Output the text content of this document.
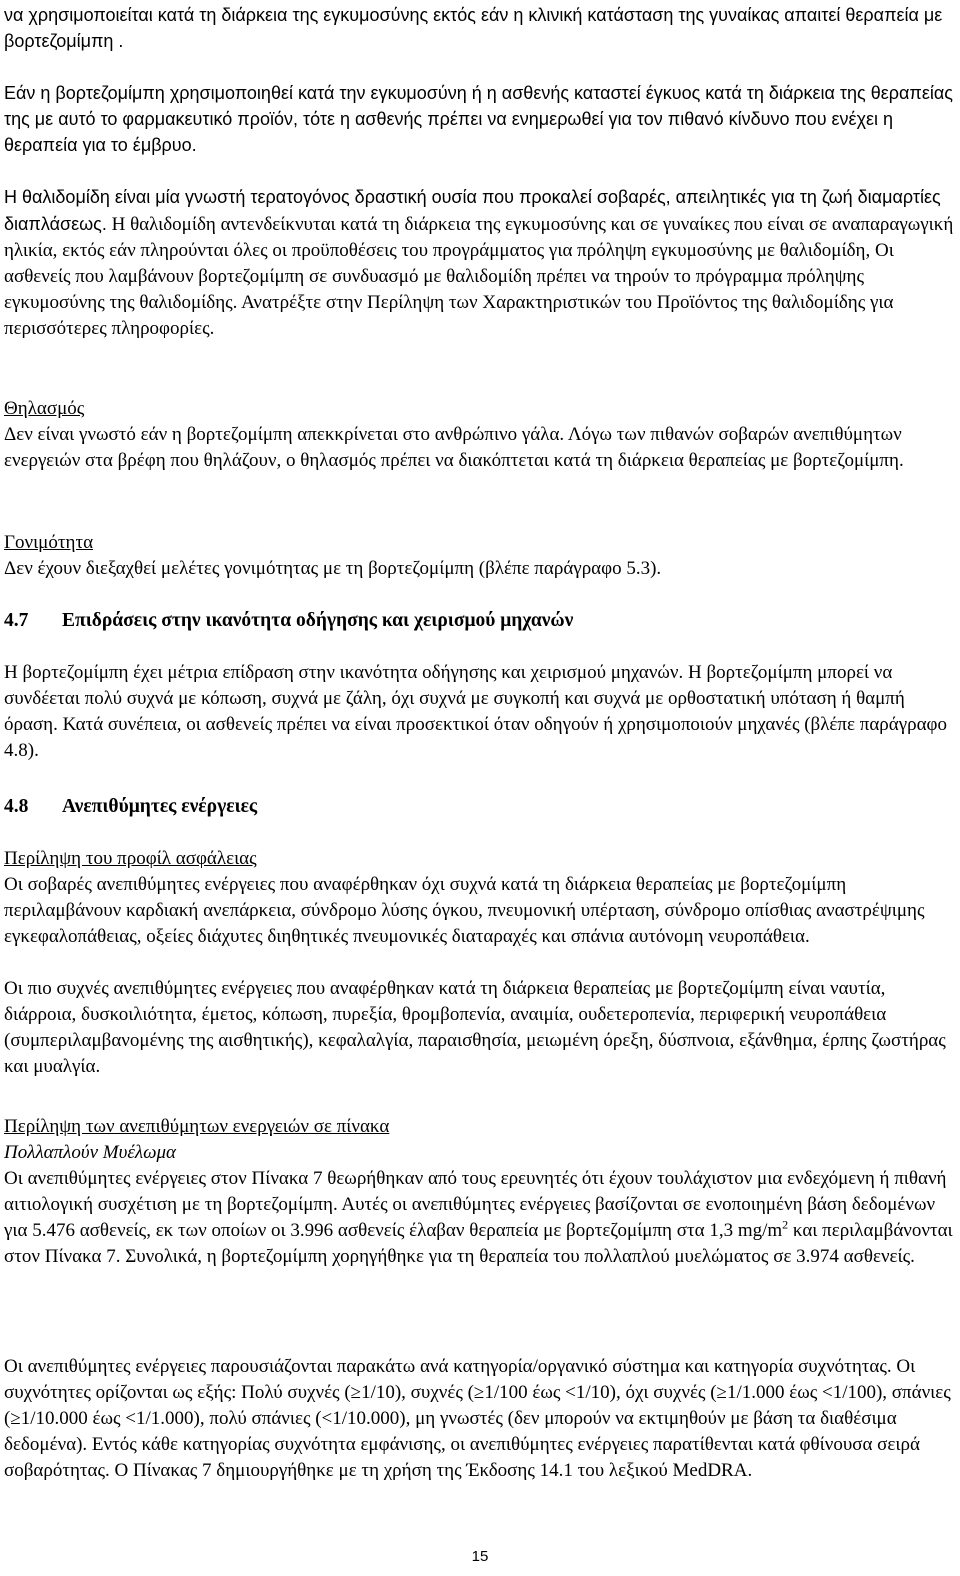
να χρησιμοποιείται κατά τη διάρκεια της εγκυμοσύνης εκτός εάν η κλινική κατάσταση της γυναίκας απαιτεί θεραπεία με βορτεζομίμπη .

Εάν η βορτεζομίμπη χρησιμοποιηθεί κατά την εγκυμοσύνη ή η ασθενής καταστεί έγκυος κατά τη διάρκεια της θεραπείας της με αυτό το φαρμακευτικό προϊόν, τότε η ασθενής πρέπει να ενημερωθεί για τον πιθανό κίνδυνο που ενέχει η θεραπεία για το έμβρυο.

Η θαλιδομίδη είναι μία γνωστή τερατογόνος δραστική ουσία που προκαλεί σοβαρές, απειλητικές για τη ζωή διαμαρτίες διαπλάσεως. Η θαλιδομίδη αντενδείκνυται κατά τη διάρκεια της εγκυμοσύνης και σε γυναίκες που είναι σε αναπαραγωγική ηλικία, εκτός εάν πληρούνται όλες οι προϋποθέσεις του προγράμματος για πρόληψη εγκυμοσύνης με θαλιδομίδη, Οι ασθενείς που λαμβάνουν βορτεζομίμπη σε συνδυασμό με θαλιδομίδη πρέπει να τηρούν το πρόγραμμα πρόληψης εγκυμοσύνης της θαλιδομίδης. Ανατρέξτε στην Περίληψη των Χαρακτηριστικών του Προϊόντος της θαλιδομίδης για περισσότερες πληροφορίες.

Θηλασμός

Δεν είναι γνωστό εάν η βορτεζομίμπη απεκκρίνεται στο ανθρώπινο γάλα. Λόγω των πιθανών σοβαρών ανεπιθύμητων ενεργειών στα βρέφη που θηλάζουν, ο θηλασμός πρέπει να διακόπτεται κατά τη διάρκεια θεραπείας με βορτεζομίμπη.

Γονιμότητα

Δεν έχουν διεξαχθεί μελέτες γονιμότητας με τη βορτεζομίμπη (βλέπε παράγραφο 5.3).

4.7 Επιδράσεις στην ικανότητα οδήγησης και χειρισμού μηχανών

Η βορτεζομίμπη έχει μέτρια επίδραση στην ικανότητα οδήγησης και χειρισμού μηχανών. Η βορτεζομίμπη μπορεί να συνδέεται πολύ συχνά με κόπωση, συχνά με ζάλη, όχι συχνά με συγκοπή και συχνά με ορθοστατική υπόταση ή θαμπή όραση. Κατά συνέπεια, οι ασθενείς πρέπει να είναι προσεκτικοί όταν οδηγούν ή χρησιμοποιούν μηχανές (βλέπε παράγραφο 4.8).

4.8 Ανεπιθύμητες ενέργειες

Περίληψη του προφίλ ασφάλειας

Οι σοβαρές ανεπιθύμητες ενέργειες που αναφέρθηκαν όχι συχνά κατά τη διάρκεια θεραπείας με βορτεζομίμπη περιλαμβάνουν καρδιακή ανεπάρκεια, σύνδρομο λύσης όγκου, πνευμονική υπέρταση, σύνδρομο οπίσθιας αναστρέψιμης εγκεφαλοπάθειας, οξείες διάχυτες διηθητικές πνευμονικές διαταραχές και σπάνια αυτόνομη νευροπάθεια.

Οι πιο συχνές ανεπιθύμητες ενέργειες που αναφέρθηκαν κατά τη διάρκεια θεραπείας με βορτεζομίμπη είναι ναυτία, διάρροια, δυσκοιλιότητα, έμετος, κόπωση, πυρεξία, θρομβοπενία, αναιμία, ουδετεροπενία, περιφερική νευροπάθεια (συμπεριλαμβανομένης της αισθητικής), κεφαλαλγία, παραισθησία, μειωμένη όρεξη, δύσπνοια, εξάνθημα, έρπης ζωστήρας και μυαλγία.

Περίληψη των ανεπιθύμητων ενεργειών σε πίνακα

Πολλαπλούν Μυέλωμα

Οι ανεπιθύμητες ενέργειες στον Πίνακα 7 θεωρήθηκαν από τους ερευνητές ότι έχουν τουλάχιστον μια ενδεχόμενη ή πιθανή αιτιολογική συσχέτιση με τη βορτεζομίμπη. Αυτές οι ανεπιθύμητες ενέργειες βασίζονται σε ενοποιημένη βάση δεδομένων για 5.476 ασθενείς, εκ των οποίων οι 3.996 ασθενείς έλαβαν θεραπεία με βορτεζομίμπη στα 1,3 $mg/m^2$ και περιλαμβάνονται στον Πίνακα 7. Συνολικά, η βορτεζομίμπη χορηγήθηκε για τη θεραπεία του πολλαπλού μυελώματος σε 3.974 ασθενείς.

Οι ανεπιθύμητες ενέργειες παρουσιάζονται παρακάτω ανά κατηγορία/οργανικό σύστημα και κατηγορία συχνότητας. Οι συχνότητες ορίζονται ως εξής: Πολύ συχνές (≥1/10), συχνές (≥1/100 έως <1/10), όχι συχνές (≥1/1.000 έως <1/100), σπάνιες (≥1/10.000 έως <1/1.000), πολύ σπάνιες (<1/10.000), μη γνωστές (δεν μπορούν να εκτιμηθούν με βάση τα διαθέσιμα δεδομένα). Εντός κάθε κατηγορίας συχνότητα εμφάνισης, οι ανεπιθύμητες ενέργειες παρατίθενται κατά φθίνουσα σειρά σοβαρότητας. Ο Πίνακας 7 δημιουργήθηκε με τη χρήση της Έκδοσης 14.1 του λεξικού MedDRA.

15
